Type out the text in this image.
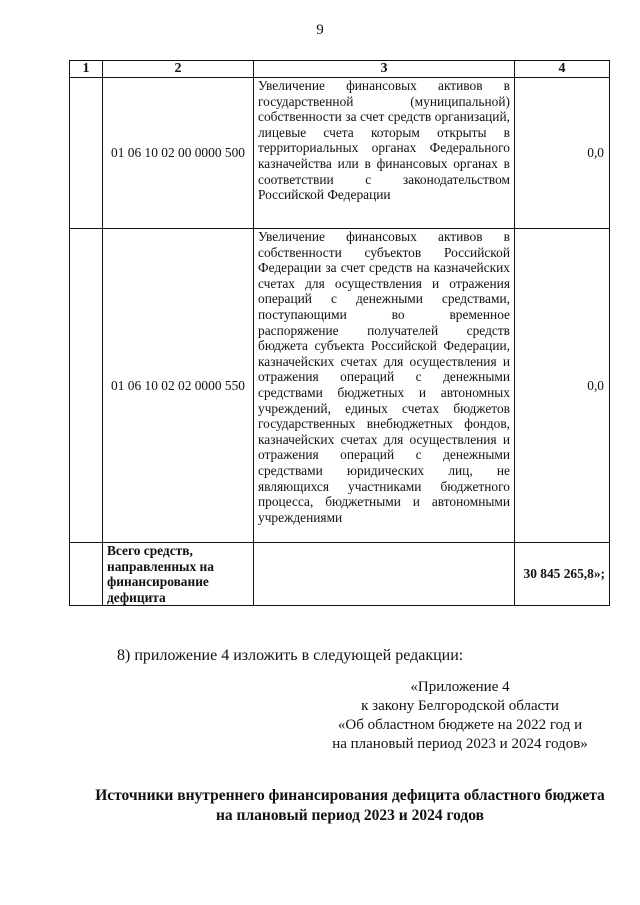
9
1	2	3	4
	01 06 10 02 00 0000 500	Увеличение финансовых активов в государственной (муниципальной) собственности за счет средств организаций, лицевые счета которым открыты в территориальных органах Федерального казначейства или в финансовых органах в соответствии с законодательством Российской Федерации	0,0
	01 06 10 02 02 0000 550	Увеличение финансовых активов в собственности субъектов Российской Федерации за счет средств на казначейских счетах для осуществления и отражения операций с денежными средствами, поступающими во временное распоряжение получателей средств бюджета субъекта Российской Федерации, казначейских счетах для осуществления и отражения операций с денежными средствами бюджетных и автономных учреждений, единых счетах бюджетов государственных внебюджетных фондов, казначейских счетах для осуществления и отражения операций с денежными средствами юридических лиц, не являющихся участниками бюджетного процесса, бюджетными и автономными учреждениями	0,0
	Всего средств, направленных на финансирование дефицита		30 845 265,8»;
8) приложение 4 изложить в следующей редакции:
«Приложение 4
к закону Белгородской области
«Об областном бюджете на 2022 год и
на плановый период 2023 и 2024 годов»
Источники внутреннего финансирования дефицита областного бюджета
на плановый период 2023 и 2024 годов
